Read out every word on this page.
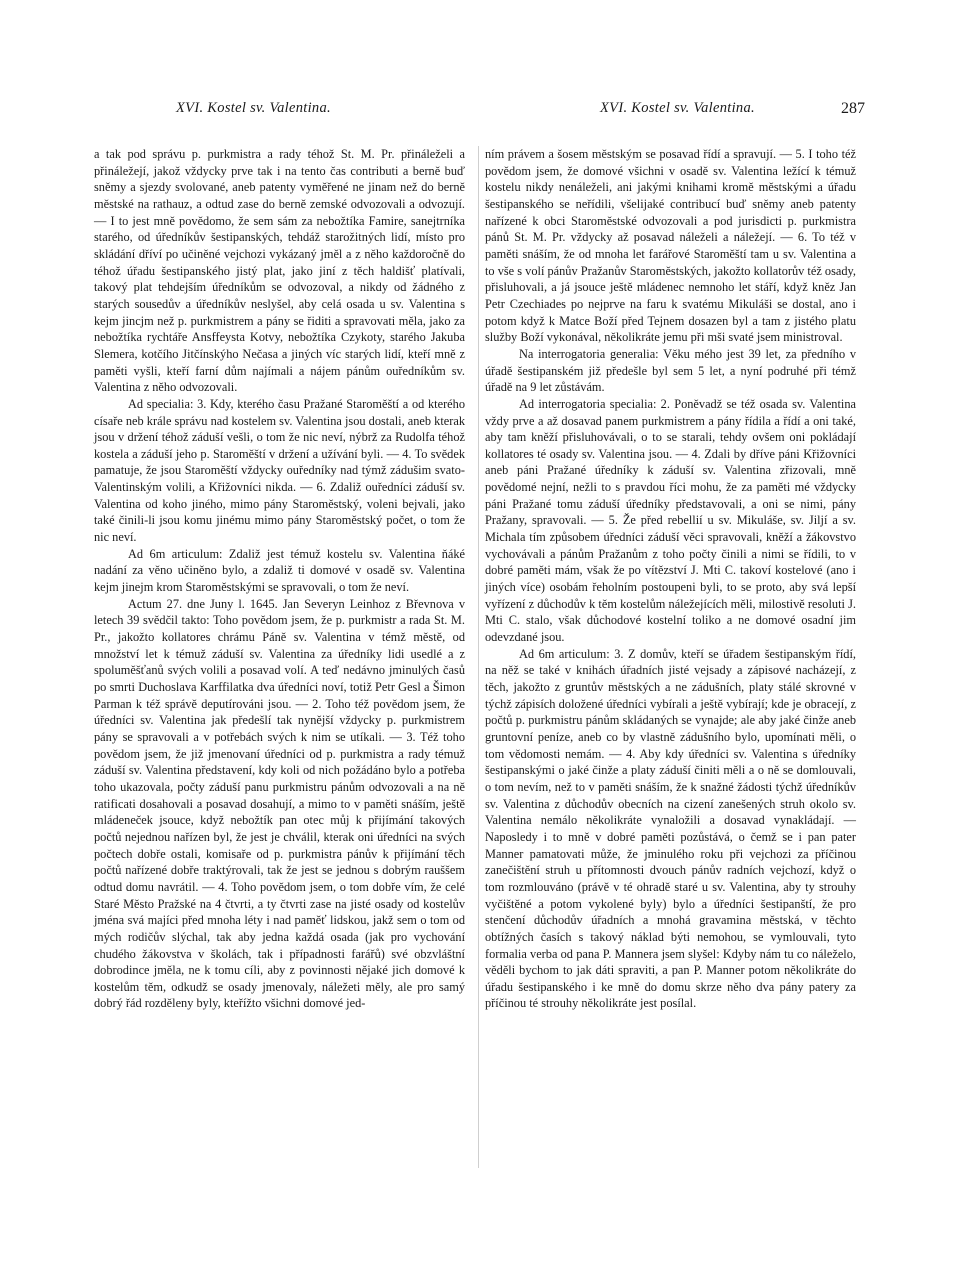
XVI. Kostel sv. Valentina.	XVI. Kostel sv. Valentina.	287

a tak pod správu p. purkmistra a rady téhož St. M. Pr. přináleželi a přináležejí, jakož vždycky prve tak i na tento čas contributi a berně buď sněmy a sjezdy svolované, aneb patenty vyměřené ne jinam než do berně městské na rathauz, a odtud zase do berně zemské odvozovali a odvozují. — I to jest mně povědomo, že sem sám za nebožtíka Famire, sanejtrníka starého, od úředníkův šestipanských, tehdáž starožitných lidí, místo pro skládání dříví po učiněné vejchozi vykázaný jměl a z něho každoročně do téhož úřadu šestipanského jistý plat, jako jiní z těch haldišť platívali, takový plat tehdejším úředníkům se odvozoval, a nikdy od žádného z starých sousedův a úředníkův neslyšel, aby celá osada u sv. Valentina s kejm jincjm než p. purkmistrem a pány se řiditi a spravovati měla, jako za nebožtíka rychtáře Ansffeysta Kotvy, nebožtíka Czykoty, starého Jakuba Slemera, kotčího Jitčínskýho Nečasa a jiných víc starých lidí, kteří mně z paměti vyšli, kteří farní dům najímali a nájem pánům ouředníkům sv. Valentina z něho odvozovali.

Ad specialia: 3. Kdy, kterého času Pražané Staroměští a od kterého císaře neb krále správu nad kostelem sv. Valentina jsou dostali, aneb kterak jsou v držení téhož záduší vešli, o tom že nic neví, nýbrž za Rudolfa téhož kostela a záduší jeho p. Staroměští v držení a užívání byli. — 4. To svědek pamatuje, že jsou Staroměští vždycky ouředníky nad týmž zádušim svato-Valentinským volili, a Křižovníci nikda. — 6. Zdaliž ouředníci záduší sv. Valentina od koho jiného, mimo pány Staroměstský, voleni bejvali, jako také činili-li jsou komu jinému mimo pány Staroměstský počet, o tom že nic neví.

Ad 6m articulum: Zdaliž jest témuž kostelu sv. Valentina ňáké nadání za věno učiněno bylo, a zdaliž ti domové v osadě sv. Valentina kejm jinejm krom Staroměstskými se spravovali, o tom že neví.

Actum 27. dne Juny l. 1645. Jan Severyn Leinhoz z Břevnova v letech 39 svědčil takto: Toho povědom jsem, že p. purkmistr a rada St. M. Pr., jakožto kollatores chrámu Páně sv. Valentina v témž městě, od množství let k témuž záduší sv. Valentina za úředníky lidi usedlé a z spoluměšťanů svých volili a posavad volí. A teď nedávno jminulých časů po smrti Duchoslava Karffilatka dva úředníci noví, totiž Petr Gesl a Šimon Parman k též správě deputírováni jsou. — 2. Toho též povědom jsem, že úředníci sv. Valentina jak předešlí tak nynější vždycky p. purkmistrem pány se spravovali a v potřebách svých k nim se utíkali. — 3. Též toho povědom jsem, že již jmenovaní úředníci od p. purkmistra a rady témuž záduší sv. Valentina představení, kdy koli od nich požádáno bylo a potřeba toho ukazovala, počty záduší panu purkmistru pánům odvozovali a na ně ratificati dosahovali a posavad dosahují, a mimo to v paměti snáším, ještě mládeneček jsouce, když nebožtík pan otec můj k přijímání takových počtů nejednou nařízen byl, že jest je chválil, kterak oni úředníci na svých počtech dobře ostali, komisaře od p. purkmistra pánův k přijímání těch počtů nařízené dobře traktýrovali, tak že jest se jednou s dobrým rauššem odtud domu navrátil. — 4. Toho povědom jsem, o tom dobře vím, že celé Staré Město Pražské na 4 čtvrti, a ty čtvrti zase na jisté osady od kostelův jména svá majíci před mnoha léty i nad paměť lidskou, jakž sem o tom od mých rodičův slýchal, tak aby jedna každá osada (jak pro vychování chudého žákovstva v školách, tak i případnosti farářů) své obzvláštní dobrodince jměla, ne k tomu cíli, aby z povinnosti nějaké jich domové k kostelům těm, odkudž se osady jmenovaly, náležeti měly, ale pro samý dobrý řád rozděleny byly, kteřížto všichni domové jed-

ním právem a šosem městským se posavad řídí a spravují. — 5. I toho též povědom jsem, že domové všichni v osadě sv. Valentina ležící k témuž kostelu nikdy nenáleželi, ani jakými knihami kromě městskými a úřadu šestipanského se neřídili, všelijaké contribucí buď sněmy aneb patenty nařízené k obci Staroměstské odvozovali a pod jurisdicti p. purkmistra pánů St. M. Pr. vždycky až posavad náleželi a náležejí. — 6. To též v paměti snáším, že od mnoha let farářové Staroměští tam u sv. Valentina a to vše s volí pánův Pražanův Staroměstských, jakožto kollatorův též osady, přisluhovali, a já jsouce ještě mládenec nemnoho let stáří, když kněz Jan Petr Czechiades po nejprve na faru k svatému Mikuláši se dostal, ano i potom když k Matce Boží před Tejnem dosazen byl a tam z jistého platu služby Boží vykonával, několikráte jemu při mši svaté jsem ministroval.

Na interrogatoria generalia: Věku mého jest 39 let, za předního v úřadě šestipanském již předešle byl sem 5 let, a nyní podruhé při témž úřadě na 9 let zůstávám.

Ad interrogatoria specialia: 2. Poněvadž se též osada sv. Valentina vždy prve a až dosavad panem purkmistrem a pány řídila a řídí a oni také, aby tam kněží přisluhovávali, o to se starali, tehdy ovšem oni pokládají kollatores té osady sv. Valentina jsou. — 4. Zdali by dříve páni Křižovníci aneb páni Pražané úředníky k záduší sv. Valentina zřizovali, mně povědomé nejní, nežli to s pravdou říci mohu, že za paměti mé vždycky páni Pražané tomu záduší úředníky představovali, a oni se nimi, pány Pražany, spravovali. — 5. Že před rebellií u sv. Mikuláše, sv. Jiljí a sv. Michala tím způsobem úředníci záduší věci spravovali, kněží a žákovstvo vychovávali a pánům Pražanům z toho počty činili a nimi se řídili, to v dobré paměti mám, však že po vítězství J. Mti C. takoví kostelové (ano i jiných více) osobám řeholním postoupeni byli, to se proto, aby svá lepší vyřízení z důchodův k těm kostelům náležejících měli, milostivě resoluti J. Mti C. stalo, však důchodové kostelní toliko a ne domové osadní jim odevzdané jsou.

Ad 6m articulum: 3. Z domův, kteří se úřadem šestipanským řídí, na něž se také v knihách úřadních jisté vejsady a zápisové nacházejí, z těch, jakožto z gruntův městských a ne zádušních, platy stálé skrovné v týchž zápisích doložené úředníci vybírali a ještě vybírají; kde je obracejí, z počtů p. purkmistru pánům skládaných se vynajde; ale aby jaké činže aneb gruntovní peníze, aneb co by vlastně zádušního bylo, upomínati měli, o tom vědomosti nemám. — 4. Aby kdy úředníci sv. Valentina s úředníky šestipanskými o jaké činže a platy záduší činiti měli a o ně se domlouvali, o tom nevím, než to v paměti snáším, že k snažné žádosti týchž úředníkův sv. Valentina z důchodův obecních na cizení zanešených struh okolo sv. Valentina nemálo několikráte vynaložili a dosavad vynakládají. — Naposledy i to mně v dobré paměti pozůstává, o čemž se i pan pater Manner pamatovati může, že jminulého roku při vejchozi za příčinou zanečištění struh u přítomnosti dvouch pánův radních vejchozí, když o tom rozmlouváno (právě v té ohradě staré u sv. Valentina, aby ty strouhy vyčištěné a potom vykolené byly) bylo a úředníci šestipanští, že pro stenčení důchodův úřadních a mnohá gravaminа městská, v těchto obtížných časích s takový náklad býti nemohou, se vymlouvali, tyto formalia verba od pana P. Mannera jsem slyšel: Kdyby nám tu co náleželo, věděli bychom to jak dáti spraviti, a pan P. Manner potom několikráte do úřadu šestipanského i ke mně do domu skrze něho dva pány patery za příčinou té strouhy několikráte jest posílal.
